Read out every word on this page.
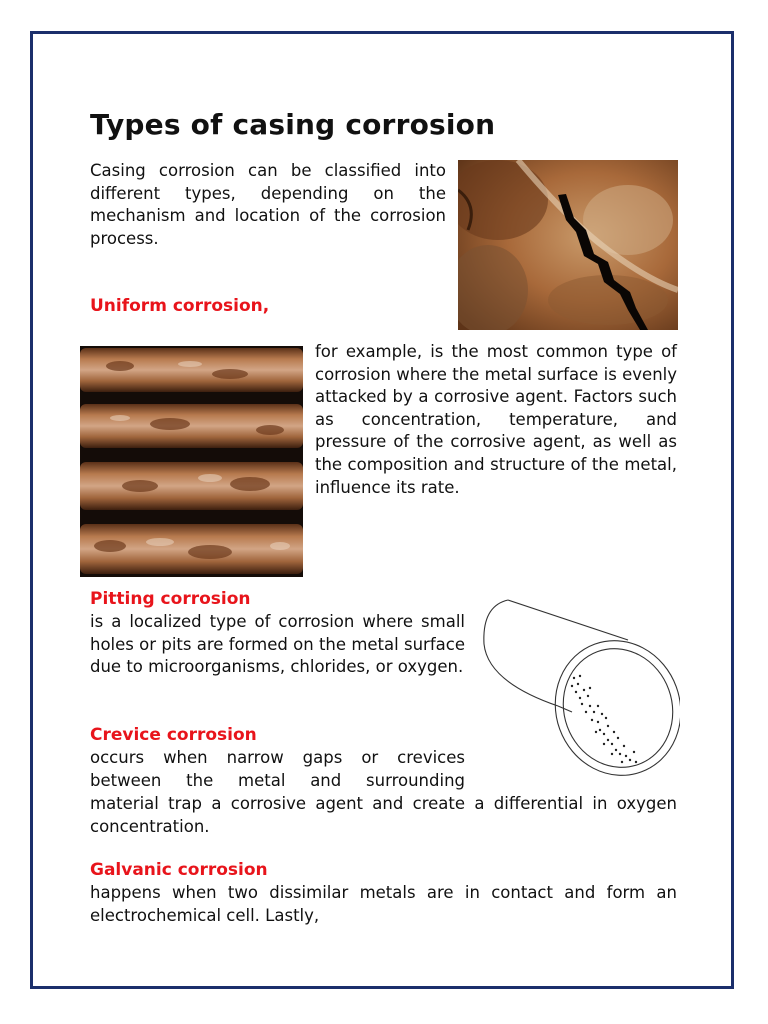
Types of casing corrosion

Casing corrosion can be classified into different types, depending on the mechanism and location of the corrosion process.

Uniform corrosion,

for example, is the most common type of corrosion where the metal surface is evenly attacked by a corrosive agent. Factors such as concentration, temperature, and pressure of the corrosive agent, as well as the composition and structure of the metal, influence its rate.

Pitting corrosion

is a localized type of corrosion where small holes or pits are formed on the metal surface due to microorganisms, chlorides, or oxygen.

Crevice corrosion

occurs when narrow gaps or crevices between the metal and surrounding

material trap a corrosive agent and create a differential in oxygen concentration.

Galvanic corrosion

happens when two dissimilar metals are in contact and form an electrochemical cell. Lastly,
